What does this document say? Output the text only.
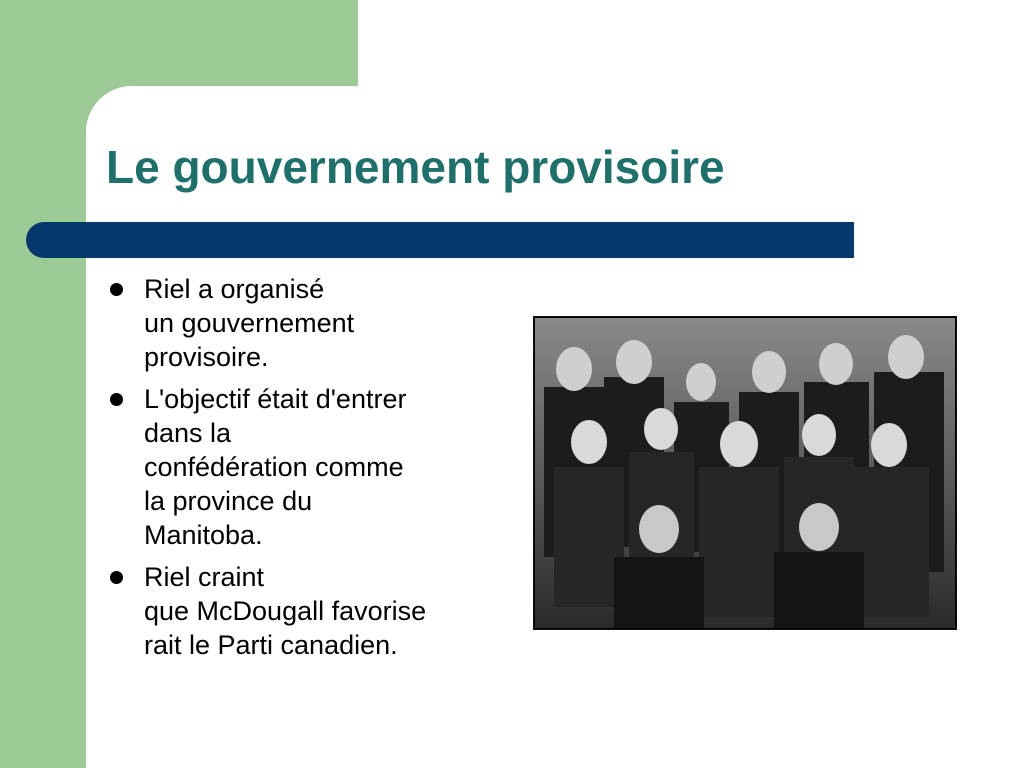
Le gouvernement provisoire
Riel a organisé
un gouvernement
provisoire.
L'objectif était d'entrer
dans la
confédération comme
la province du
Manitoba.
Riel craint
que McDougall favorise
rait le Parti canadien.
